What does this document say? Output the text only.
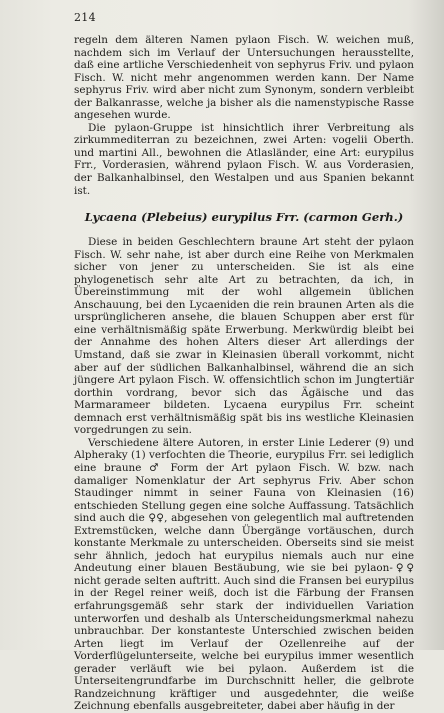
214

regeln dem älteren Namen pylaon Fisch. W. weichen muß, nachdem sich im Verlauf der Untersuchungen herausstellte, daß eine artliche Verschiedenheit von sephyrus Friv. und pylaon Fisch. W. nicht mehr angenommen werden kann. Der Name sephyrus Friv. wird aber nicht zum Synonym, sondern verbleibt der Balkanrasse, welche ja bisher als die namenstypische Rasse angesehen wurde.

Die pylaon-Gruppe ist hinsichtlich ihrer Verbreitung als zirkummediterran zu bezeichnen, zwei Arten: vogelii Oberth. und martini All., bewohnen die Atlasländer, eine Art: eurypilus Frr., Vorderasien, während pylaon Fisch. W. aus Vorderasien, der Balkanhalbinsel, den Westalpen und aus Spanien bekannt ist.

Lycaena (Plebeius) eurypilus Frr. (carmon Gerh.)

Diese in beiden Geschlechtern braune Art steht der pylaon Fisch. W. sehr nahe, ist aber durch eine Reihe von Merkmalen sicher von jener zu unterscheiden. Sie ist als eine phylogenetisch sehr alte Art zu betrachten, da ich, in Übereinstimmung mit der wohl allgemein üblichen Anschauung, bei den Lycaeniden die rein braunen Arten als die ursprünglicheren ansehe, die blauen Schuppen aber erst für eine verhältnismäßig späte Erwerbung. Merkwürdig bleibt bei der Annahme des hohen Alters dieser Art allerdings der Umstand, daß sie zwar in Kleinasien überall vorkommt, nicht aber auf der südlichen Balkanhalbinsel, während die an sich jüngere Art pylaon Fisch. W. offensichtlich schon im Jungtertiär dorthin vordrang, bevor sich das Ägäische und das Marmarameer bildeten. Lycaena eurypilus Frr. scheint demnach erst verhältnismäßig spät bis ins westliche Kleinasien vorgedrungen zu sein.

Verschiedene ältere Autoren, in erster Linie Lederer (9) und Alpheraky (1) verfochten die Theorie, eurypilus Frr. sei lediglich eine braune ♂ Form der Art pylaon Fisch. W. bzw. nach damaliger Nomenklatur der Art sephyrus Friv. Aber schon Staudinger nimmt in seiner Fauna von Kleinasien (16) entschieden Stellung gegen eine solche Auffassung. Tatsächlich sind auch die ♀♀, abgesehen von gelegentlich mal auftretenden Extremstücken, welche dann Übergänge vortäuschen, durch konstante Merkmale zu unterscheiden. Oberseits sind sie meist sehr ähnlich, jedoch hat eurypilus niemals auch nur eine Andeutung einer blauen Bestäubung, wie sie bei pylaon-♀♀ nicht gerade selten auftritt. Auch sind die Fransen bei eurypilus in der Regel reiner weiß, doch ist die Färbung der Fransen erfahrungsgemäß sehr stark der individuellen Variation unterworfen und deshalb als Unterscheidungsmerkmal nahezu unbrauchbar. Der konstanteste Unterschied zwischen beiden Arten liegt im Verlauf der Ozellenreihe auf der Vorderflügelunterseite, welche bei eurypilus immer wesentlich gerader verläuft wie bei pylaon. Außerdem ist die Unterseitengrundfarbe im Durchschnitt heller, die gelbrote Randzeichnung kräftiger und ausgedehnter, die weiße Zeichnung ebenfalls ausgebreiteter, dabei aber häufig in der
